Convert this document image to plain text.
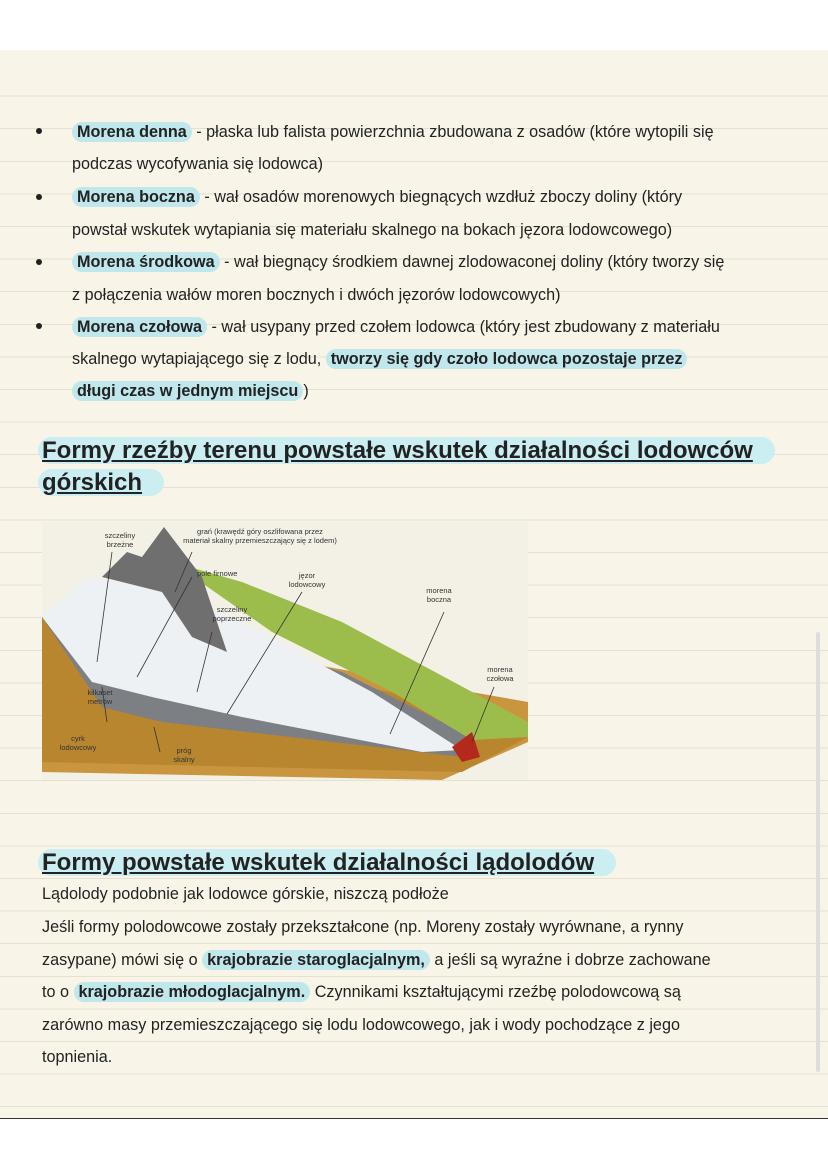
Morena denna - płaska lub falista powierzchnia zbudowana z osadów (które wytopili się
podczas wycofywania się lodowca)
Morena boczna - wał osadów morenowych biegnących wzdłuż zboczy doliny (który
powstał wskutek wytapiania się materiału skalnego na bokach jęzora lodowcowego)
Morena środkowa - wał biegnący środkiem dawnej zlodowaconej doliny (który tworzy się
z połączenia wałów moren bocznych i dwóch jęzorów lodowcowych)
Morena czołowa - wał usypany przed czołem lodowca (który jest zbudowany z materiału
skalnego wytapiającego się z lodu, tworzy się gdy czoło lodowca pozostaje przez
długi czas w jednym miejscu )
Formy rzeźby terenu powstałe wskutek działalności lodowców
górskich
szczeliny brzeżne
grań (krawędź góry oszlifowana przez materiał skalny przemieszczający się z lodem)
pole firnowe	jęzor lodowcowy
morena boczna
szczeliny poprzeczne
morena czołowa
kilkaset metrów
cyrk lodowcowy	próg skalny
Formy powstałe wskutek działalności lądolodów
Lądolody podobnie jak lodowce górskie, niszczą podłoże
Jeśli formy polodowcowe zostały przekształcone (np. Moreny zostały wyrównane, a rynny
zasypane) mówi się o krajobrazie staroglacjalnym, a jeśli są wyraźne i dobrze zachowane
to o krajobrazie młodoglacjalnym. Czynnikami kształtującymi rzeźbę polodowcową są
zarówno masy przemieszczającego się lodu lodowcowego, jak i wody pochodzące z jego
topnienia.
